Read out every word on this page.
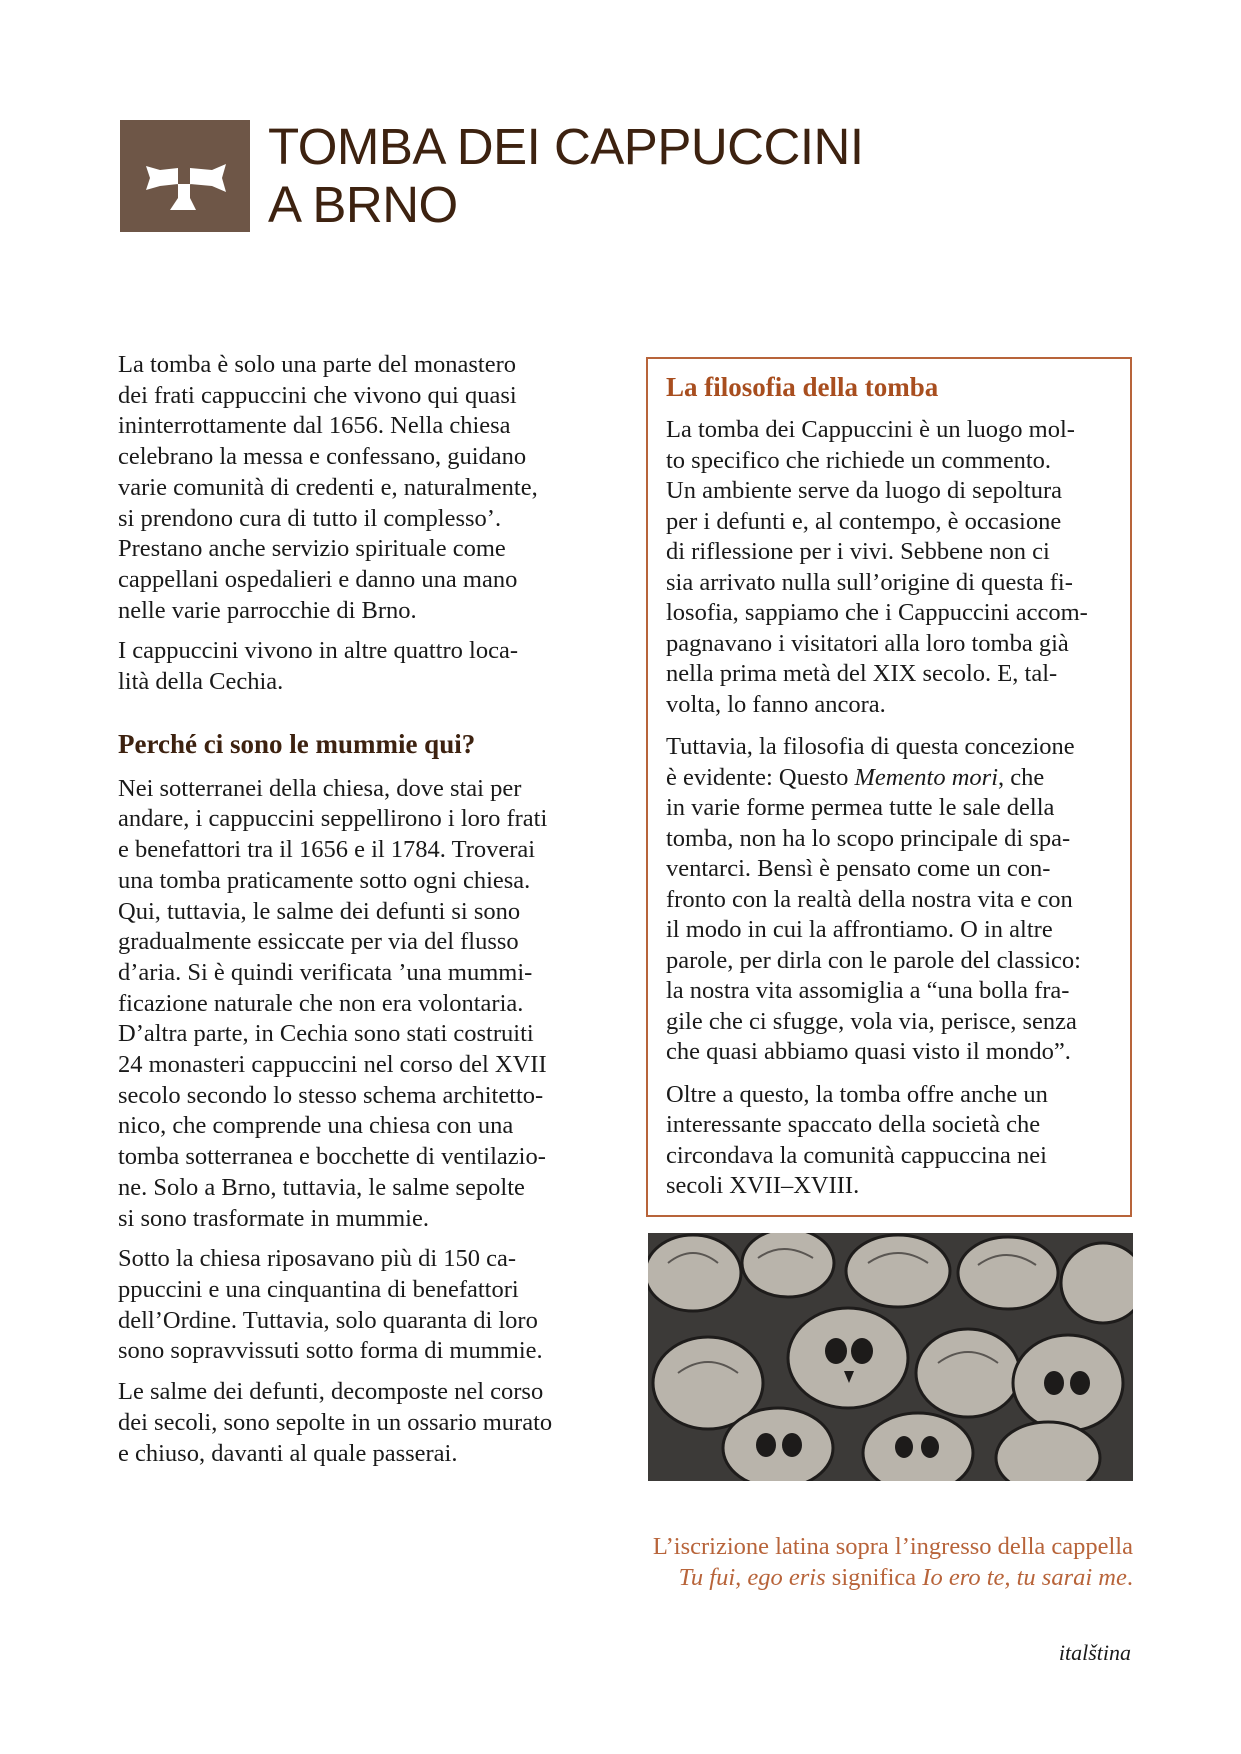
TOMBA DEI CAPPUCCINI
A BRNO

La tomba è solo una parte del monastero
dei frati cappuccini che vivono qui quasi
ininterrottamente dal 1656. Nella chiesa
celebrano la messa e confessano, guidano
varie comunità di credenti e, naturalmente,
si prendono cura di tutto il complesso’.
Prestano anche servizio spirituale come
cappellani ospedalieri e danno una mano
nelle varie parrocchie di Brno.

I cappuccini vivono in altre quattro loca-
lità della Cechia.

Perché ci sono le mummie qui?

Nei sotterranei della chiesa, dove stai per
andare, i cappuccini seppellirono i loro frati
e benefattori tra il 1656 e il 1784. Troverai
una tomba praticamente sotto ogni chiesa.
Qui, tuttavia, le salme dei defunti si sono
gradualmente essiccate per via del flusso
d’aria. Si è quindi verificata ’una mummi-
ficazione naturale che non era volontaria.
D’altra parte, in Cechia sono stati costruiti
24 monasteri cappuccini nel corso del XVII
secolo secondo lo stesso schema architetto-
nico, che comprende una chiesa con una
tomba sotterranea e bocchette di ventilazio-
ne. Solo a Brno, tuttavia, le salme sepolte
si sono trasformate in mummie.

Sotto la chiesa riposavano più di 150 ca-
ppuccini e una cinquantina di benefattori
dell’Ordine. Tuttavia, solo quaranta di loro
sono sopravvissuti sotto forma di mummie.

Le salme dei defunti, decomposte nel corso
dei secoli, sono sepolte in un ossario murato
e chiuso, davanti al quale passerai.

La filosofia della tomba

La tomba dei Cappuccini è un luogo mol-
to specifico che richiede un commento.
Un ambiente serve da luogo di sepoltura
per i defunti e, al contempo, è occasione
di riflessione per i vivi. Sebbene non ci
sia arrivato nulla sull’origine di questa fi-
losofia, sappiamo che i Cappuccini accom-
pagnavano i visitatori alla loro tomba già
nella prima metà del XIX secolo. E, tal-
volta, lo fanno ancora.

Tuttavia, la filosofia di questa concezione
è evidente: Questo Memento mori, che
in varie forme permea tutte le sale della
tomba, non ha lo scopo principale di spa-
ventarci. Bensì è pensato come un con-
fronto con la realtà della nostra vita e con
il modo in cui la affrontiamo. O in altre
parole, per dirla con le parole del classico:
la nostra vita assomiglia a “una bolla fra-
gile che ci sfugge, vola via, perisce, senza
che quasi abbiamo quasi visto il mondo”.

Oltre a questo, la tomba offre anche un
interessante spaccato della società che
circondava la comunità cappuccina nei
secoli XVII–XVIII.

L’iscrizione latina sopra l’ingresso della cappella
Tu fui, ego eris significa Io ero te, tu sarai me.
italština
